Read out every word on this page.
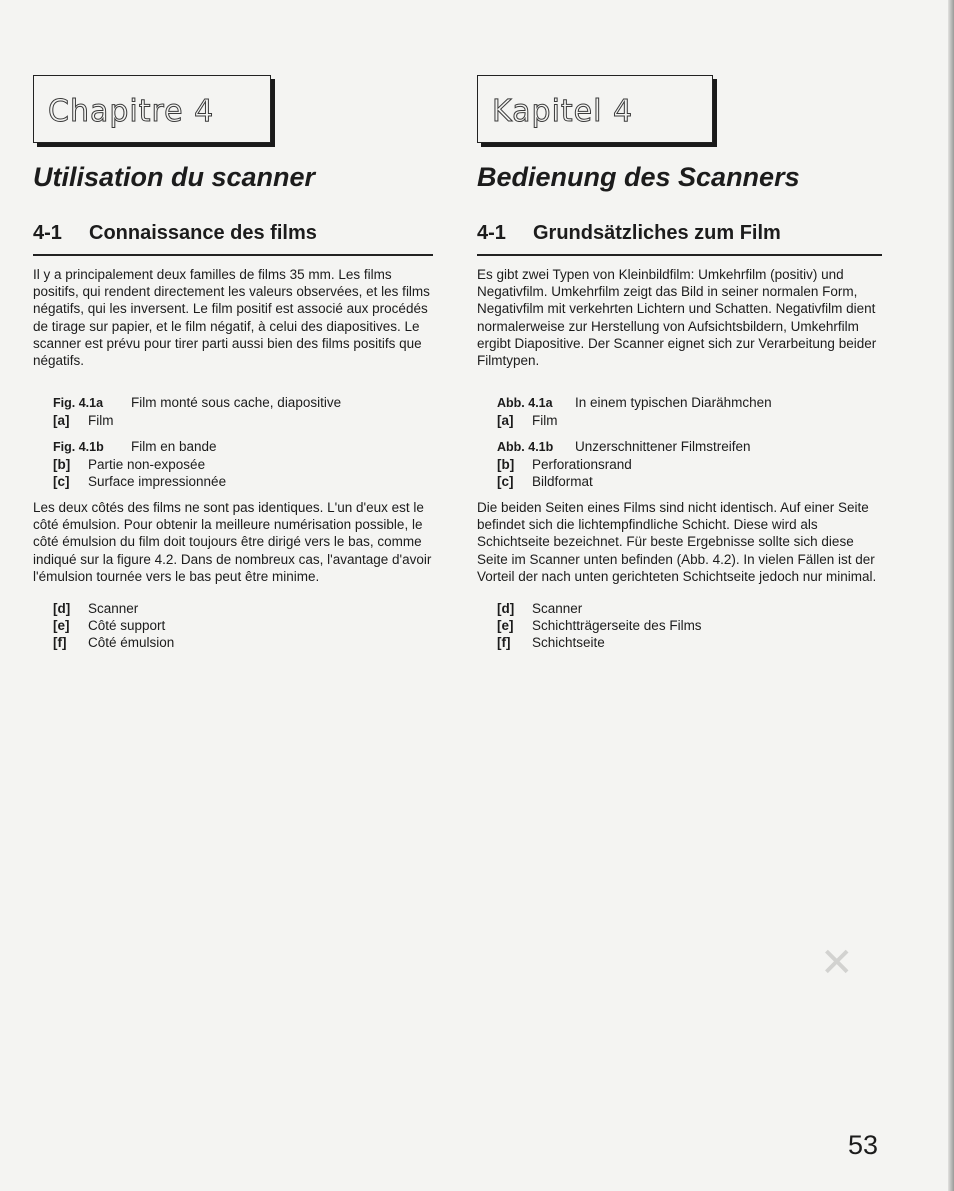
✕
Chapitre 4
Utilisation du scanner
4-1 Connaissance des films

Il y a principalement deux familles de films 35 mm. Les films positifs, qui rendent directement les valeurs observées, et les films négatifs, qui les inversent. Le film positif est associé aux procédés de tirage sur papier, et le film négatif, à celui des diapositives. Le scanner est prévu pour tirer parti aussi bien des films positifs que négatifs.

Fig. 4.1a Film monté sous cache, diapositive
[a] Film
Fig. 4.1b Film en bande
[b] Partie non-exposée
[c] Surface impressionnée

Les deux côtés des films ne sont pas identiques. L'un d'eux est le côté émulsion. Pour obtenir la meilleure numérisation possible, le côté émulsion du film doit toujours être dirigé vers le bas, comme indiqué sur la figure 4.2. Dans de nombreux cas, l'avantage d'avoir l'émulsion tournée vers le bas peut être minime.

[d] Scanner
[e] Côté support
[f] Côté émulsion
Kapitel 4
Bedienung des Scanners
4-1 Grundsätzliches zum Film

Es gibt zwei Typen von Kleinbildfilm: Umkehrfilm (positiv) und Negativfilm. Umkehrfilm zeigt das Bild in seiner normalen Form, Negativfilm mit verkehrten Lichtern und Schatten. Negativfilm dient normalerweise zur Herstellung von Aufsichtsbildern, Umkehrfilm ergibt Diapositive. Der Scanner eignet sich zur Verarbeitung beider Filmtypen.

Abb. 4.1a In einem typischen Diarähmchen
[a] Film
Abb. 4.1b Unzerschnittener Filmstreifen
[b] Perforationsrand
[c] Bildformat

Die beiden Seiten eines Films sind nicht identisch. Auf einer Seite befindet sich die lichtempfindliche Schicht. Diese wird als Schichtseite bezeichnet. Für beste Ergebnisse sollte sich diese Seite im Scanner unten befinden (Abb. 4.2). In vielen Fällen ist der Vorteil der nach unten gerichteten Schichtseite jedoch nur minimal.

[d] Scanner
[e] Schichtträgerseite des Films
[f] Schichtseite
53
